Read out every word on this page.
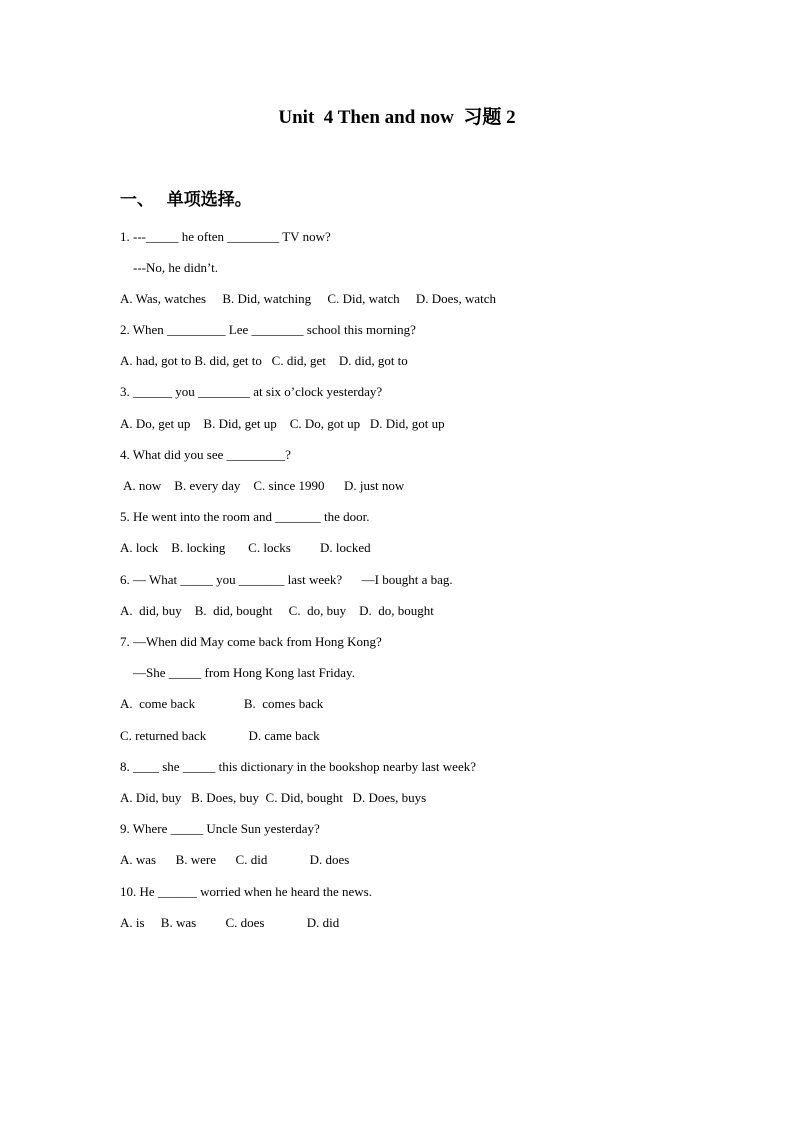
Unit  4 Then and now  习题 2
一、   单项选择。
1. ---_____ he often ________ TV now?
---No, he didn’t.
A. Was, watches     B. Did, watching     C. Did, watch     D. Does, watch
2. When _________ Lee ________ school this morning?
A. had, got to B. did, get to   C. did, get    D. did, got to
3. ______ you ________ at six o’clock yesterday?
A. Do, get up    B. Did, get up    C. Do, got up   D. Did, got up
4. What did you see _________?
A. now    B. every day    C. since 1990      D. just now
5. He went into the room and _______ the door.
A. lock    B. locking       C. locks         D. locked
6. — What _____ you _______ last week?      —I bought a bag.
A.  did, buy    B.  did, bought     C.  do, buy    D.  do, bought
7. —When did May come back from Hong Kong?
—She _____ from Hong Kong last Friday.
A.  come back               B.  comes back
C. returned back             D. came back
8. ____ she _____ this dictionary in the bookshop nearby last week?
A. Did, buy   B. Does, buy  C. Did, bought   D. Does, buys
9. Where _____ Uncle Sun yesterday?
A. was      B. were      C. did             D. does
10. He ______ worried when he heard the news.
A. is     B. was         C. does             D. did
